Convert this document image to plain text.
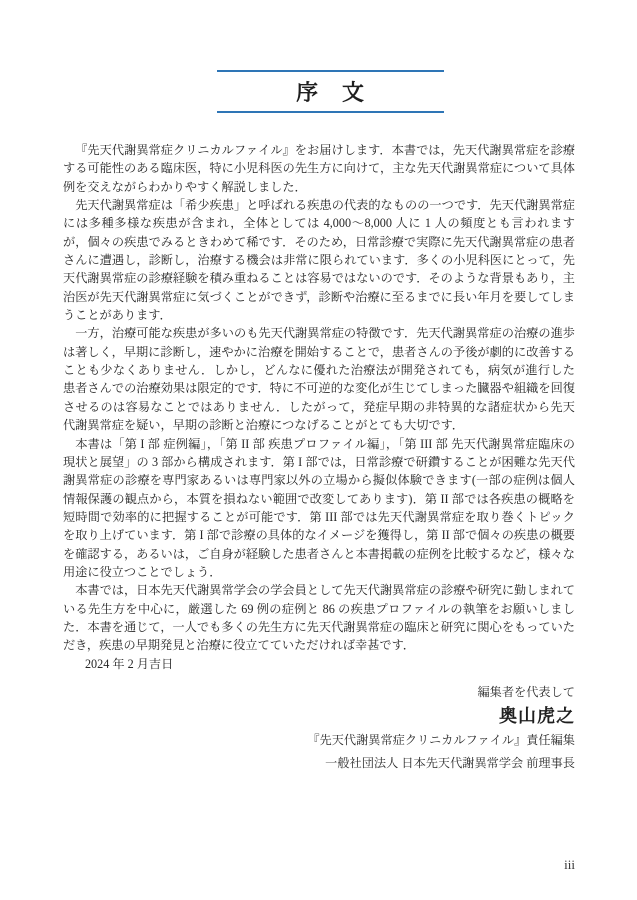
序　文

『先天代謝異常症クリニカルファイル』をお届けします．本書では，先天代謝異常症を診療する可能性のある臨床医，特に小児科医の先生方に向けて，主な先天代謝異常症について具体例を交えながらわかりやすく解説しました．

先天代謝異常症は「希少疾患」と呼ばれる疾患の代表的なものの一つです．先天代謝異常症には多種多様な疾患が含まれ，全体としては 4,000～8,000 人に 1 人の頻度とも言われますが，個々の疾患でみるときわめて稀です．そのため，日常診療で実際に先天代謝異常症の患者さんに遭遇し，診断し，治療する機会は非常に限られています．多くの小児科医にとって，先天代謝異常症の診療経験を積み重ねることは容易ではないのです．そのような背景もあり，主治医が先天代謝異常症に気づくことができず，診断や治療に至るまでに長い年月を要してしまうことがあります．

一方，治療可能な疾患が多いのも先天代謝異常症の特徴です．先天代謝異常症の治療の進歩は著しく，早期に診断し，速やかに治療を開始することで，患者さんの予後が劇的に改善することも少なくありません．しかし，どんなに優れた治療法が開発されても，病気が進行した患者さんでの治療効果は限定的です．特に不可逆的な変化が生じてしまった臓器や組織を回復させるのは容易なことではありません．したがって，発症早期の非特異的な諸症状から先天代謝異常症を疑い，早期の診断と治療につなげることがとても大切です．

本書は「第 I 部 症例編」，「第 II 部 疾患プロファイル編」，「第 III 部 先天代謝異常症臨床の現状と展望」の 3 部から構成されます．第 I 部では，日常診療で研鑽することが困難な先天代謝異常症の診療を専門家あるいは専門家以外の立場から擬似体験できます(一部の症例は個人情報保護の観点から，本質を損ねない範囲で改変してあります)．第 II 部では各疾患の概略を短時間で効率的に把握することが可能です．第 III 部では先天代謝異常症を取り巻くトピックを取り上げています．第 I 部で診療の具体的なイメージを獲得し，第 II 部で個々の疾患の概要を確認する，あるいは，ご自身が経験した患者さんと本書掲載の症例を比較するなど，様々な用途に役立つことでしょう．

本書では，日本先天代謝異常学会の学会員として先天代謝異常症の診療や研究に勤しまれている先生方を中心に，厳選した 69 例の症例と 86 の疾患プロファイルの執筆をお願いしました．本書を通じて，一人でも多くの先生方に先天代謝異常症の臨床と研究に関心をもっていただき，疾患の早期発見と治療に役立てていただければ幸甚です．

2024 年 2 月吉日

編集者を代表して

奥山虎之

『先天代謝異常症クリニカルファイル』責任編集

一般社団法人 日本先天代謝異常学会 前理事長

iii
